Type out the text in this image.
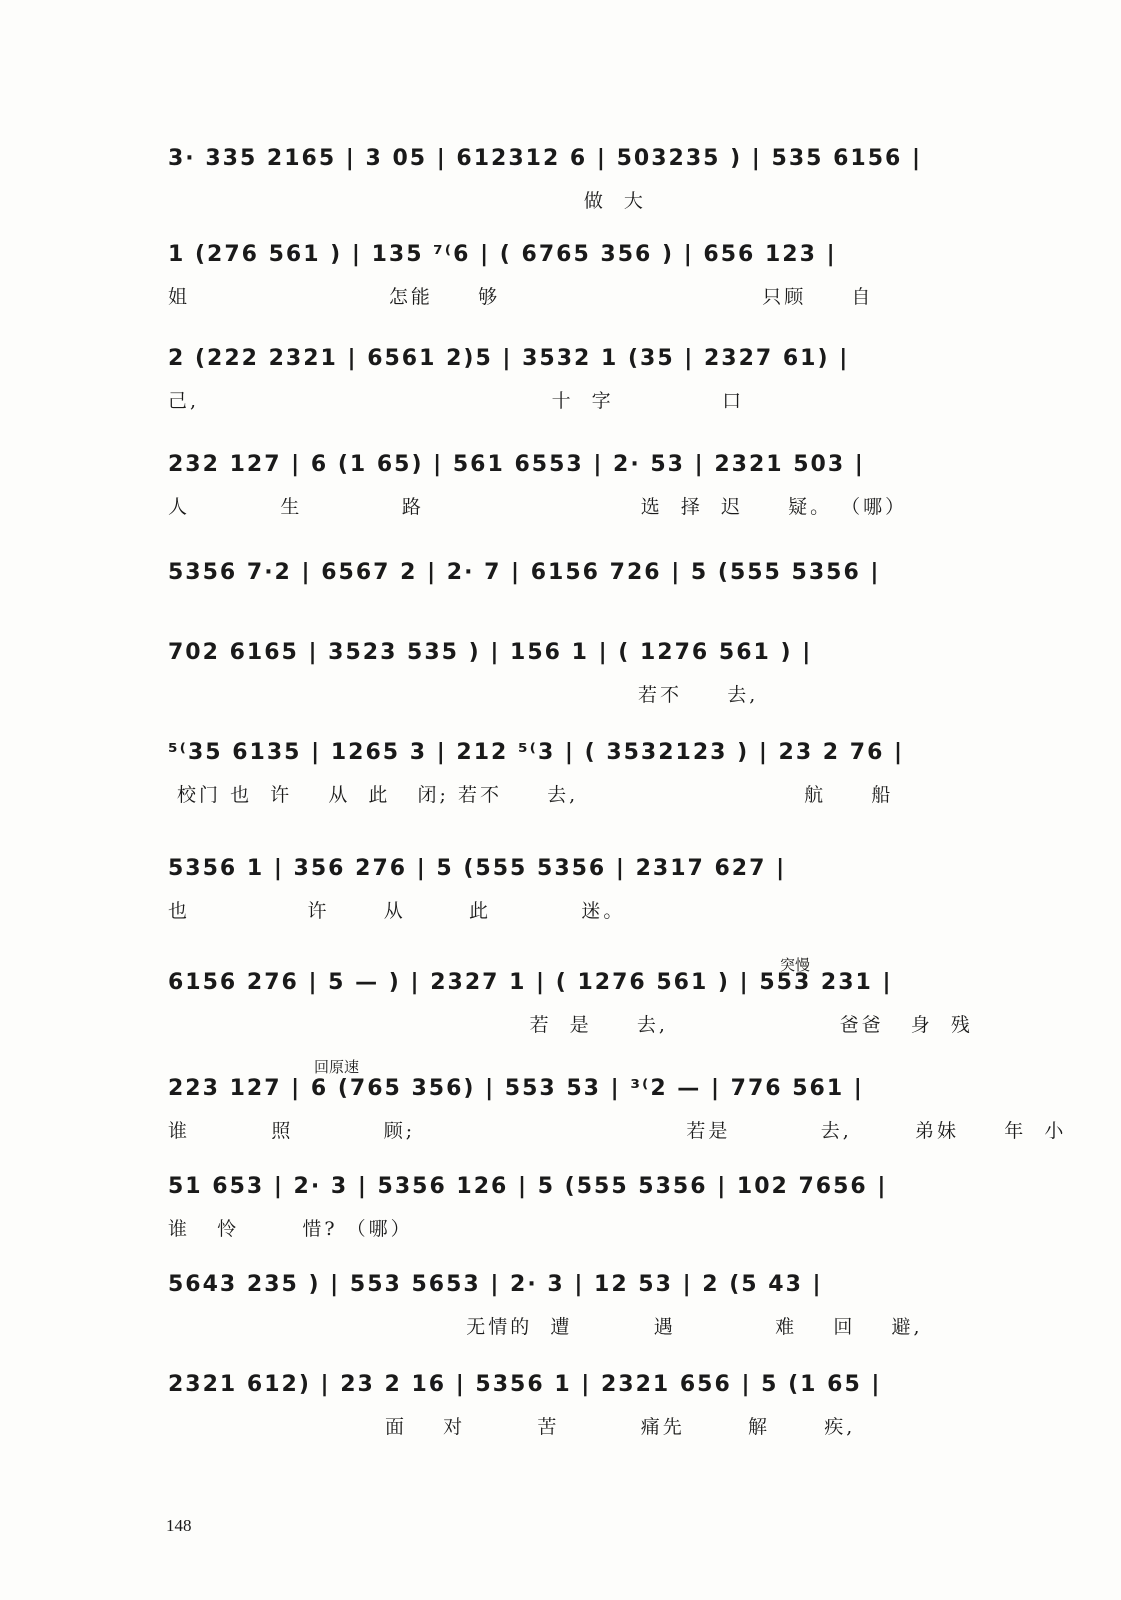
3· 335 2165 | 3 05 | 612312 6 | 503235 ) | 535 6156 |
做  大
1 (276 561 ) | 135 ⁷⁽6 | ( 6765 356 ) | 656 123 |
姐                      怎能     够                             只顾     自
2 (222 2321 | 6561 2)5 | 3532 1 (35 | 2327 61) |
己,                                       十  字            口
232 127 | 6 (1 65) | 561 6553 | 2· 53 | 2321 503 |
人          生           路                        选  择  迟     疑。 （哪）
5356 7·2 | 6567 2 | 2· 7 | 6156 726 | 5 (555 5356 |
702 6165 | 3523 535 ) | 156 1 | ( 1276 561 ) |
若不     去,
⁵⁽35 6135 | 1265 3 | 212 ⁵⁽3 | ( 3532123 ) | 23 2 76 |
校门 也  许    从  此   闭; 若不     去,                         航     船
5356 1 | 356 276 | 5 (555 5356 | 2317 627 |
也             许      从       此          迷。
6156 276 | 5 — ) | 2327 1 | ( 1276 561 ) | 553 231 |
若  是     去,                   爸爸   身  残
223 127 | 6 (765 356) | 553 53 | ³⁽2 — | 776 561 |
谁         照          顾;                              若是          去,       弟妹     年  小
51 653 | 2· 3 | 5356 126 | 5 (555 5356 | 102 7656 |
谁   怜       惜? （哪）
5643 235 ) | 553 5653 | 2· 3 | 12 53 | 2 (5 43 |
无情的  遭         遇           难    回    避,
2321 612) | 23 2 16 | 5356 1 | 2321 656 | 5 (1 65 |
面    对        苦         痛先       解      疾,
突慢
回原速
148
